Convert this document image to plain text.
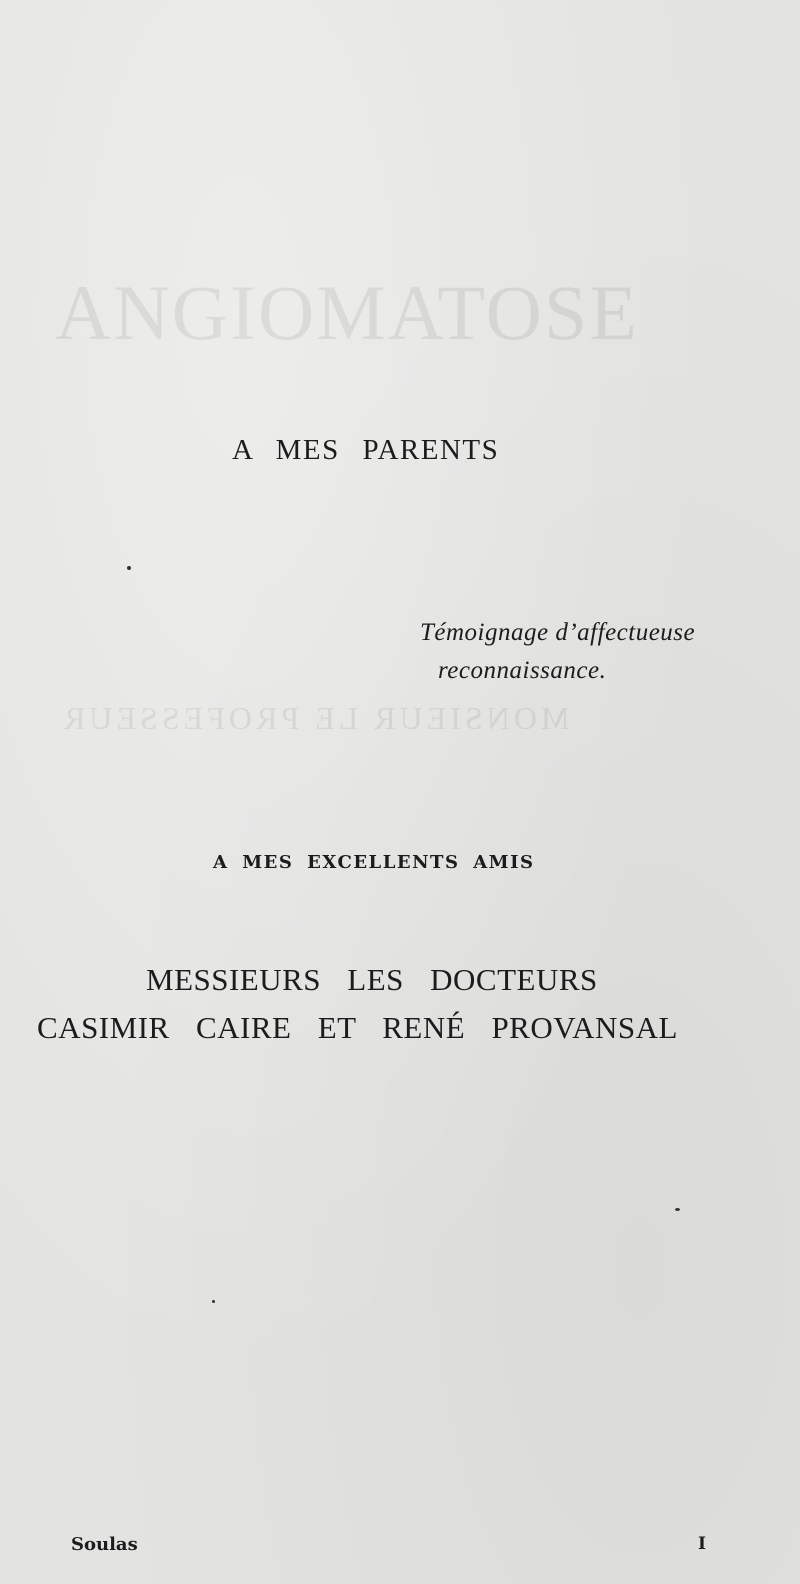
ANGIOMATOSE
MONSIEUR LE PROFESSEUR
A MES PARENTS
Témoignage d’affectueuse
reconnaissance.
A MES EXCELLENTS AMIS
MESSIEURS LES DOCTEURS
CASIMIR CAIRE ET RENÉ PROVANSAL
Soulas	I
